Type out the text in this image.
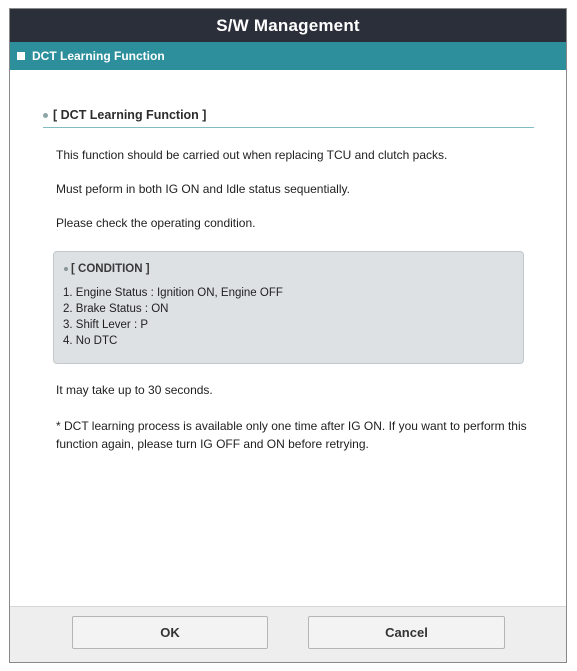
S/W Management
DCT Learning Function
[ DCT Learning Function ]
This function should be carried out when replacing TCU and clutch packs.
Must peform in both IG ON and Idle status sequentially.
Please check the operating condition.
[ CONDITION ]
1. Engine Status : Ignition ON, Engine OFF
2. Brake Status : ON
3. Shift Lever : P
4. No DTC
It may take up to 30 seconds.
* DCT learning process is available only one time after IG ON. If you want to perform this function again, please turn IG OFF and ON before retrying.
OK	Cancel
